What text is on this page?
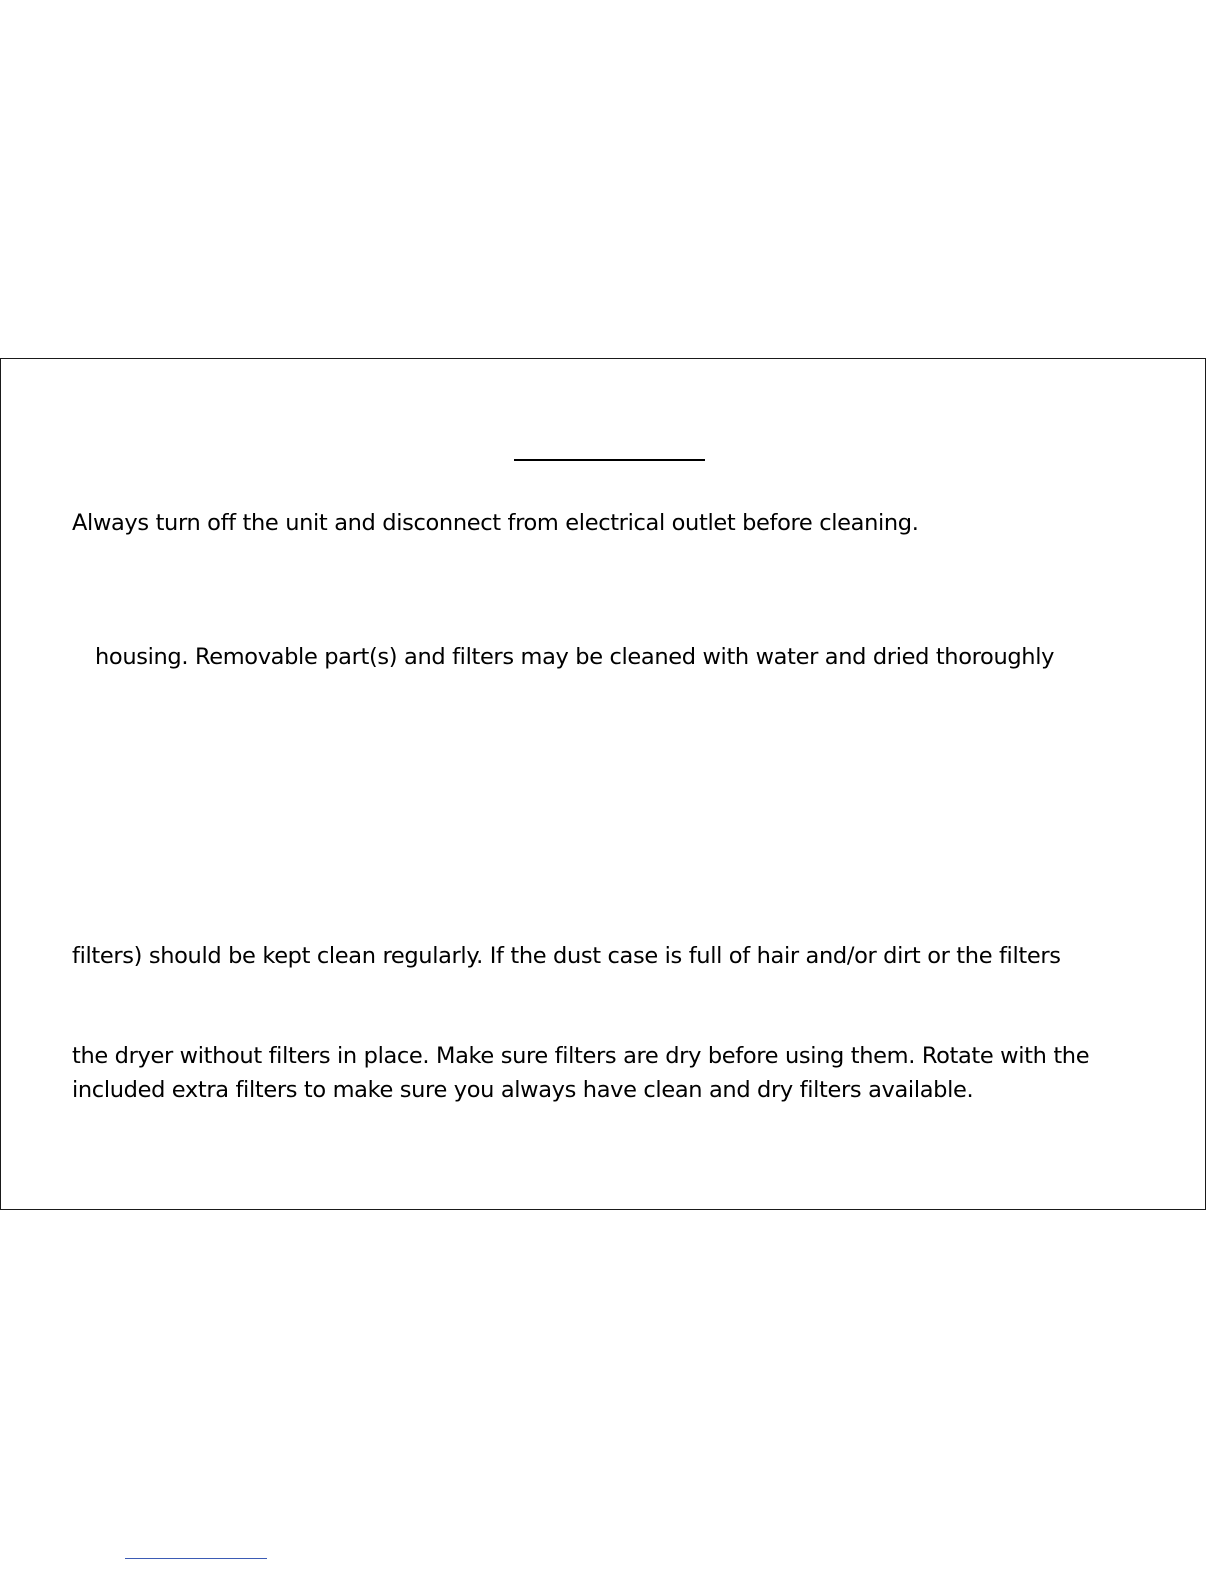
Always turn off the unit and disconnect from electrical outlet before cleaning.
housing. Removable part(s) and filters may be cleaned with water and dried thoroughly
filters) should be kept clean regularly. If the dust case is full of hair and/or dirt or the filters
the dryer without filters in place. Make sure filters are dry before using them. Rotate with the
included extra filters to make sure you always have clean and dry filters available.
